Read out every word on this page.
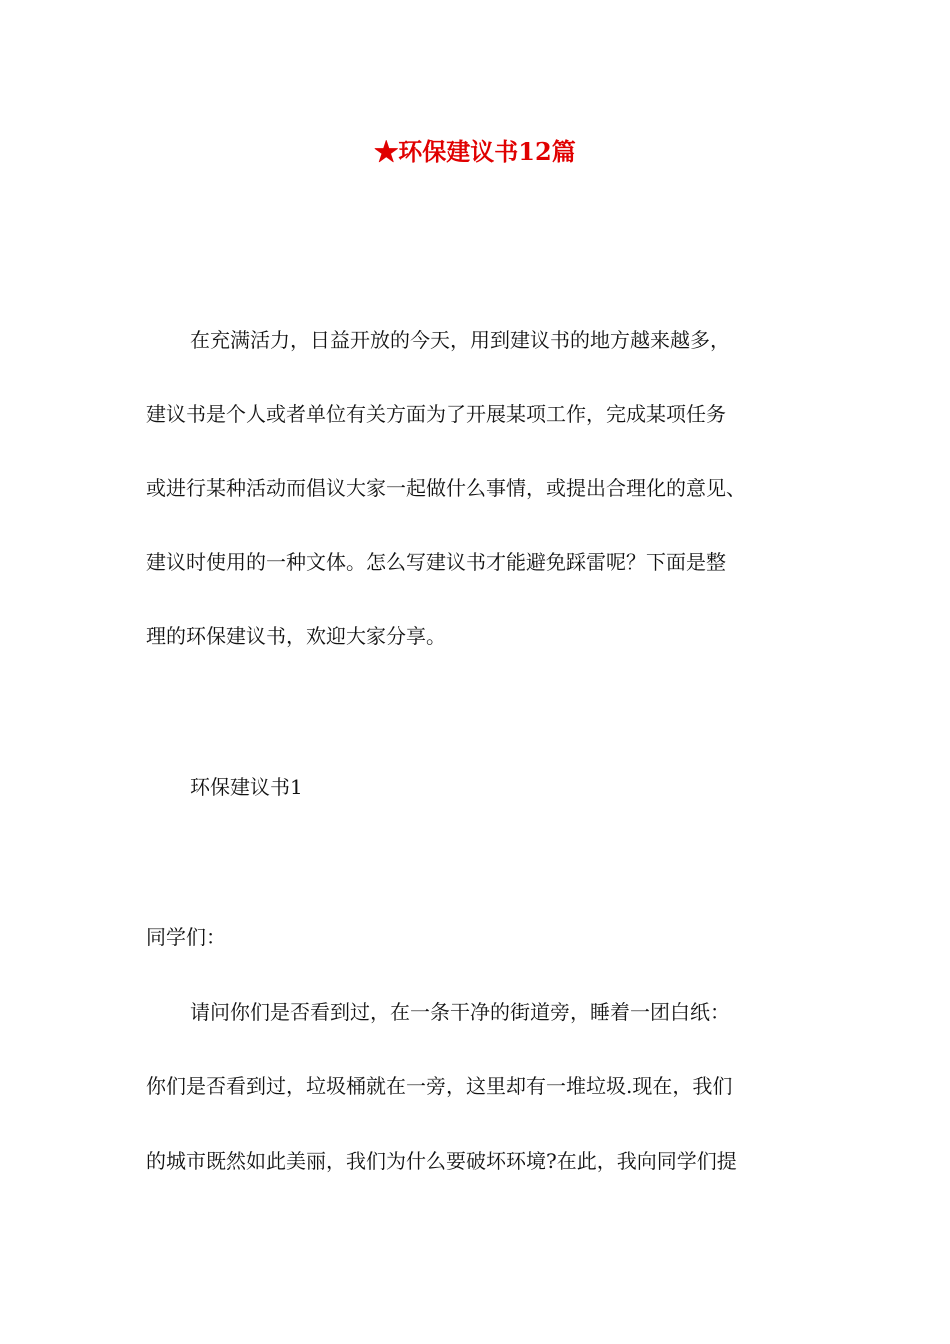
★环保建议书12篇
在充满活力，日益开放的今天，用到建议书的地方越来越多，
建议书是个人或者单位有关方面为了开展某项工作，完成某项任务
或进行某种活动而倡议大家一起做什么事情，或提出合理化的意见、
建议时使用的一种文体。怎么写建议书才能避免踩雷呢？下面是整
理的环保建议书，欢迎大家分享。
环保建议书1
同学们：
请问你们是否看到过，在一条干净的街道旁，睡着一团白纸：
你们是否看到过，垃圾桶就在一旁，这里却有一堆垃圾.现在，我们
的城市既然如此美丽，我们为什么要破坏环境?在此，我向同学们提
